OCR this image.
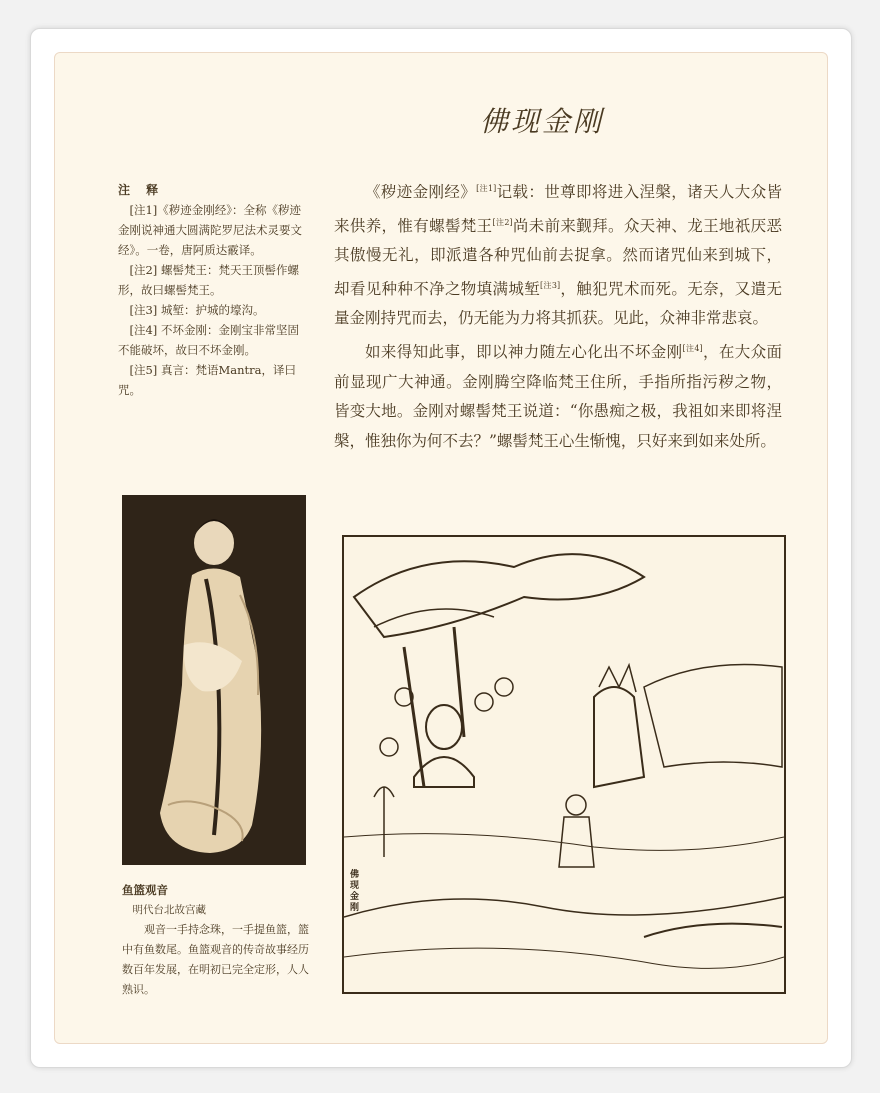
佛现金刚
注 释

[注1]《秽迹金刚经》：全称《秽迹金刚说神通大圆满陀罗尼法术灵要文经》。一卷，唐阿质达霰译。

[注2] 螺髻梵王：梵天王顶髻作螺形，故曰螺髻梵王。

[注3] 城堑：护城的壕沟。

[注4] 不坏金刚：金刚宝非常坚固不能破坏，故曰不坏金刚。

[注5] 真言：梵语Mantra，译曰咒。

《秽迹金刚经》[注1]记载：世尊即将进入涅槃，诸天人大众皆来供养，惟有螺髻梵王[注2]尚未前来觐拜。众天神、龙王地祇厌恶其傲慢无礼，即派遣各种咒仙前去捉拿。然而诸咒仙来到城下，却看见种种不净之物填满城堑[注3]，触犯咒术而死。无奈，又遣无量金刚持咒而去，仍无能为力将其抓获。见此，众神非常悲哀。

如来得知此事，即以神力随左心化出不坏金刚[注4]，在大众面前显现广大神通。金刚腾空降临梵王住所，手指所指污秽之物，皆变大地。金刚对螺髻梵王说道：“你愚痴之极，我祖如来即将涅槃，惟独你为何不去？”螺髻梵王心生惭愧，只好来到如来处所。

鱼篮观音
明代台北故宫藏

观音一手持念珠，一手提鱼篮，篮中有鱼数尾。鱼篮观音的传奇故事经历数百年发展，在明初已完全定形，人人熟识。

佛现金刚
